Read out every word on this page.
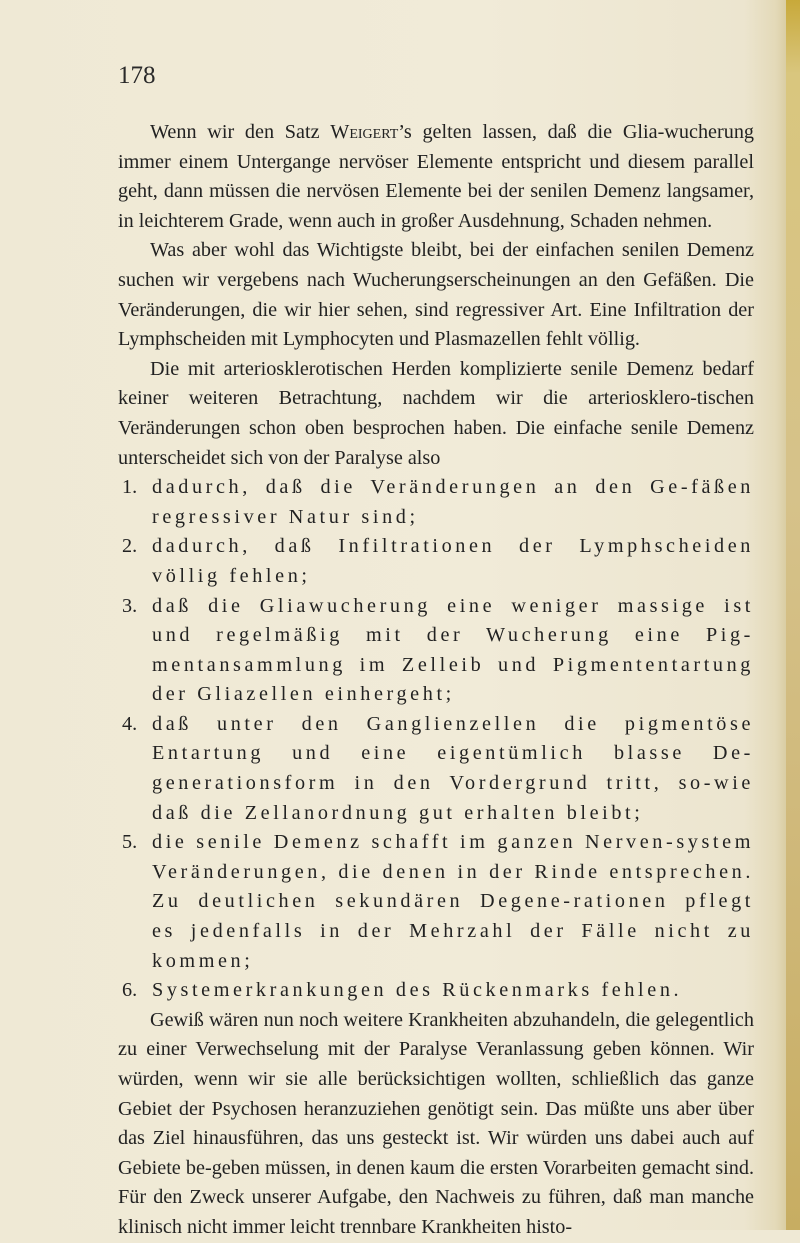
178

Wenn wir den Satz Weigert’s gelten lassen, daß die Glia-wucherung immer einem Untergange nervöser Elemente entspricht und diesem parallel geht, dann müssen die nervösen Elemente bei der senilen Demenz langsamer, in leichterem Grade, wenn auch in großer Ausdehnung, Schaden nehmen.

Was aber wohl das Wichtigste bleibt, bei der einfachen senilen Demenz suchen wir vergebens nach Wucherungserscheinungen an den Gefäßen. Die Veränderungen, die wir hier sehen, sind regressiver Art. Eine Infiltration der Lymphscheiden mit Lymphocyten und Plasmazellen fehlt völlig.

Die mit arteriosklerotischen Herden komplizierte senile Demenz bedarf keiner weiteren Betrachtung, nachdem wir die arteriosklero-tischen Veränderungen schon oben besprochen haben. Die einfache senile Demenz unterscheidet sich von der Paralyse also

1. dadurch, daß die Veränderungen an den Ge-fäßen regressiver Natur sind;
2. dadurch, daß Infiltrationen der Lymphscheiden völlig fehlen;
3. daß die Gliawucherung eine weniger massige ist und regelmäßig mit der Wucherung eine Pig-mentansammlung im Zelleib und Pigmententartung der Gliazellen einhergeht;
4. daß unter den Ganglienzellen die pigmentöse Entartung und eine eigentümlich blasse De-generationsform in den Vordergrund tritt, so-wie daß die Zellanordnung gut erhalten bleibt;
5. die senile Demenz schafft im ganzen Nerven-system Veränderungen, die denen in der Rinde entsprechen. Zu deutlichen sekundären Degene-rationen pflegt es jedenfalls in der Mehrzahl der Fälle nicht zu kommen;
6. Systemerkrankungen des Rückenmarks fehlen.

Gewiß wären nun noch weitere Krankheiten abzuhandeln, die gelegentlich zu einer Verwechselung mit der Paralyse Veranlassung geben können. Wir würden, wenn wir sie alle berücksichtigen wollten, schließlich das ganze Gebiet der Psychosen heranzuziehen genötigt sein. Das müßte uns aber über das Ziel hinausführen, das uns gesteckt ist. Wir würden uns dabei auch auf Gebiete be-geben müssen, in denen kaum die ersten Vorarbeiten gemacht sind. Für den Zweck unserer Aufgabe, den Nachweis zu führen, daß man manche klinisch nicht immer leicht trennbare Krankheiten histo-
